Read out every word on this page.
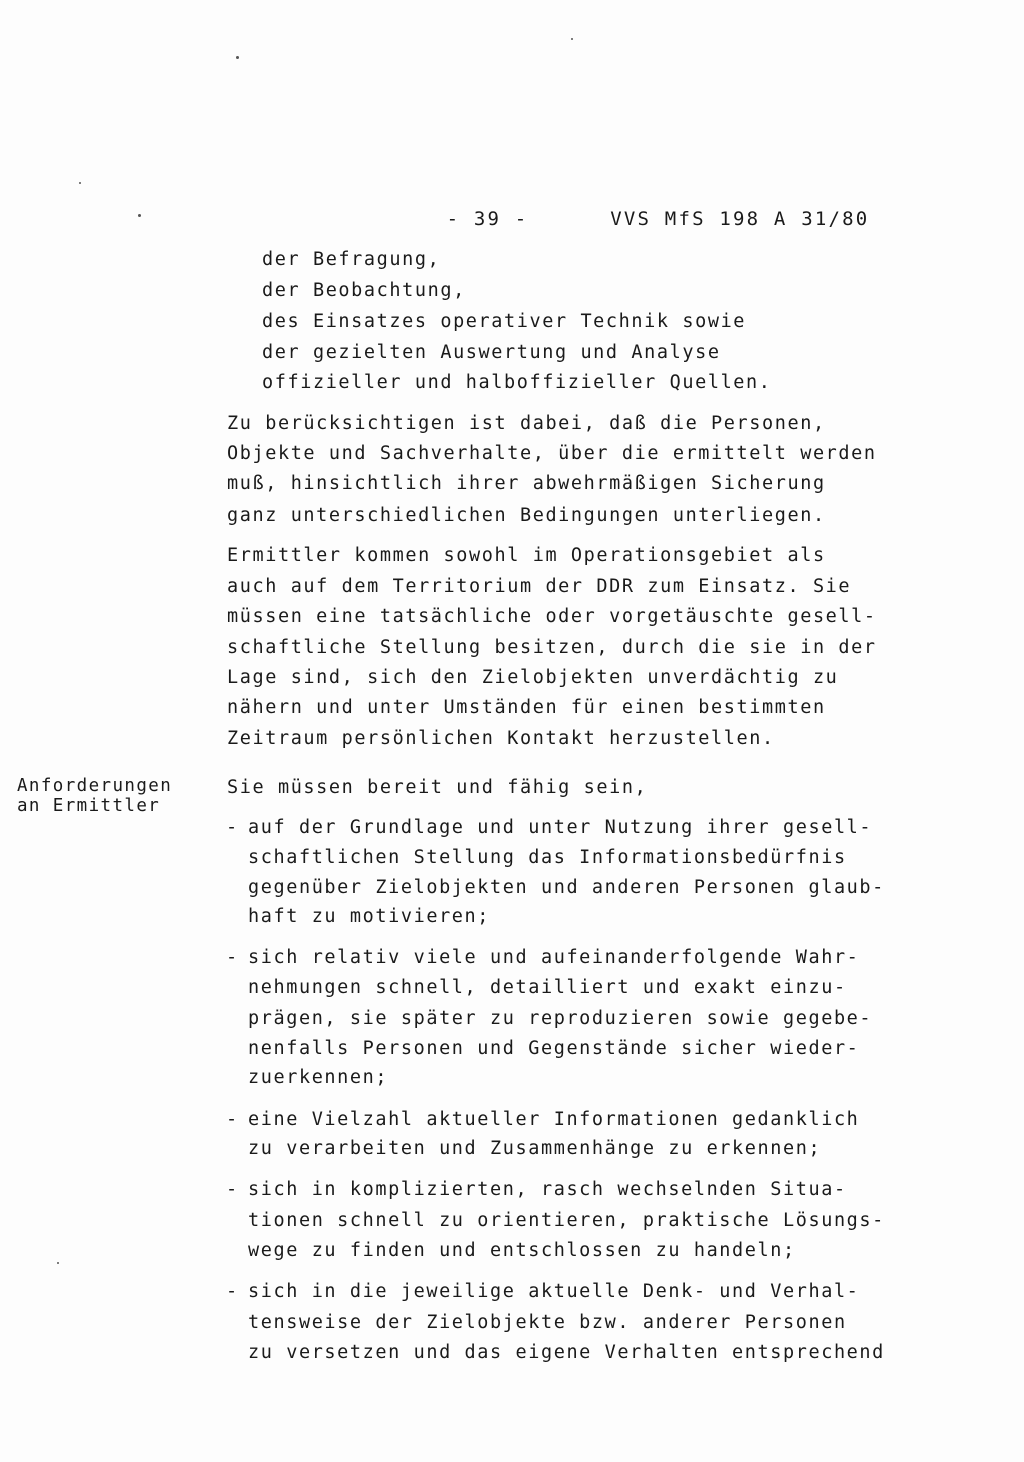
- 39 -	VVS MfS 198 A 31/80

der Befragung,
der Beobachtung,
des Einsatzes operativer Technik sowie
der gezielten Auswertung und Analyse
offizieller und halboffizieller Quellen.
Zu berücksichtigen ist dabei, daß die Personen,
Objekte und Sachverhalte, über die ermittelt werden
muß, hinsichtlich ihrer abwehrmäßigen Sicherung
ganz unterschiedlichen Bedingungen unterliegen.
Ermittler kommen sowohl im Operationsgebiet als
auch auf dem Territorium der DDR zum Einsatz. Sie
müssen eine tatsächliche oder vorgetäuschte gesell-
schaftliche Stellung besitzen, durch die sie in der
Lage sind, sich den Zielobjekten unverdächtig zu
nähern und unter Umständen für einen bestimmten
Zeitraum persönlichen Kontakt herzustellen.
Anforderungen
an Ermittler
Sie müssen bereit und fähig sein,
- auf der Grundlage und unter Nutzung ihrer gesell-
schaftlichen Stellung das Informationsbedürfnis
gegenüber Zielobjekten und anderen Personen glaub-
haft zu motivieren;
- sich relativ viele und aufeinanderfolgende Wahr-
nehmungen schnell, detailliert und exakt einzu-
prägen, sie später zu reproduzieren sowie gegebe-
nenfalls Personen und Gegenstände sicher wieder-
zuerkennen;
- eine Vielzahl aktueller Informationen gedanklich
zu verarbeiten und Zusammenhänge zu erkennen;
- sich in komplizierten, rasch wechselnden Situa-
tionen schnell zu orientieren, praktische Lösungs-
wege zu finden und entschlossen zu handeln;
- sich in die jeweilige aktuelle Denk- und Verhal-
tensweise der Zielobjekte bzw. anderer Personen
zu versetzen und das eigene Verhalten entsprechend
